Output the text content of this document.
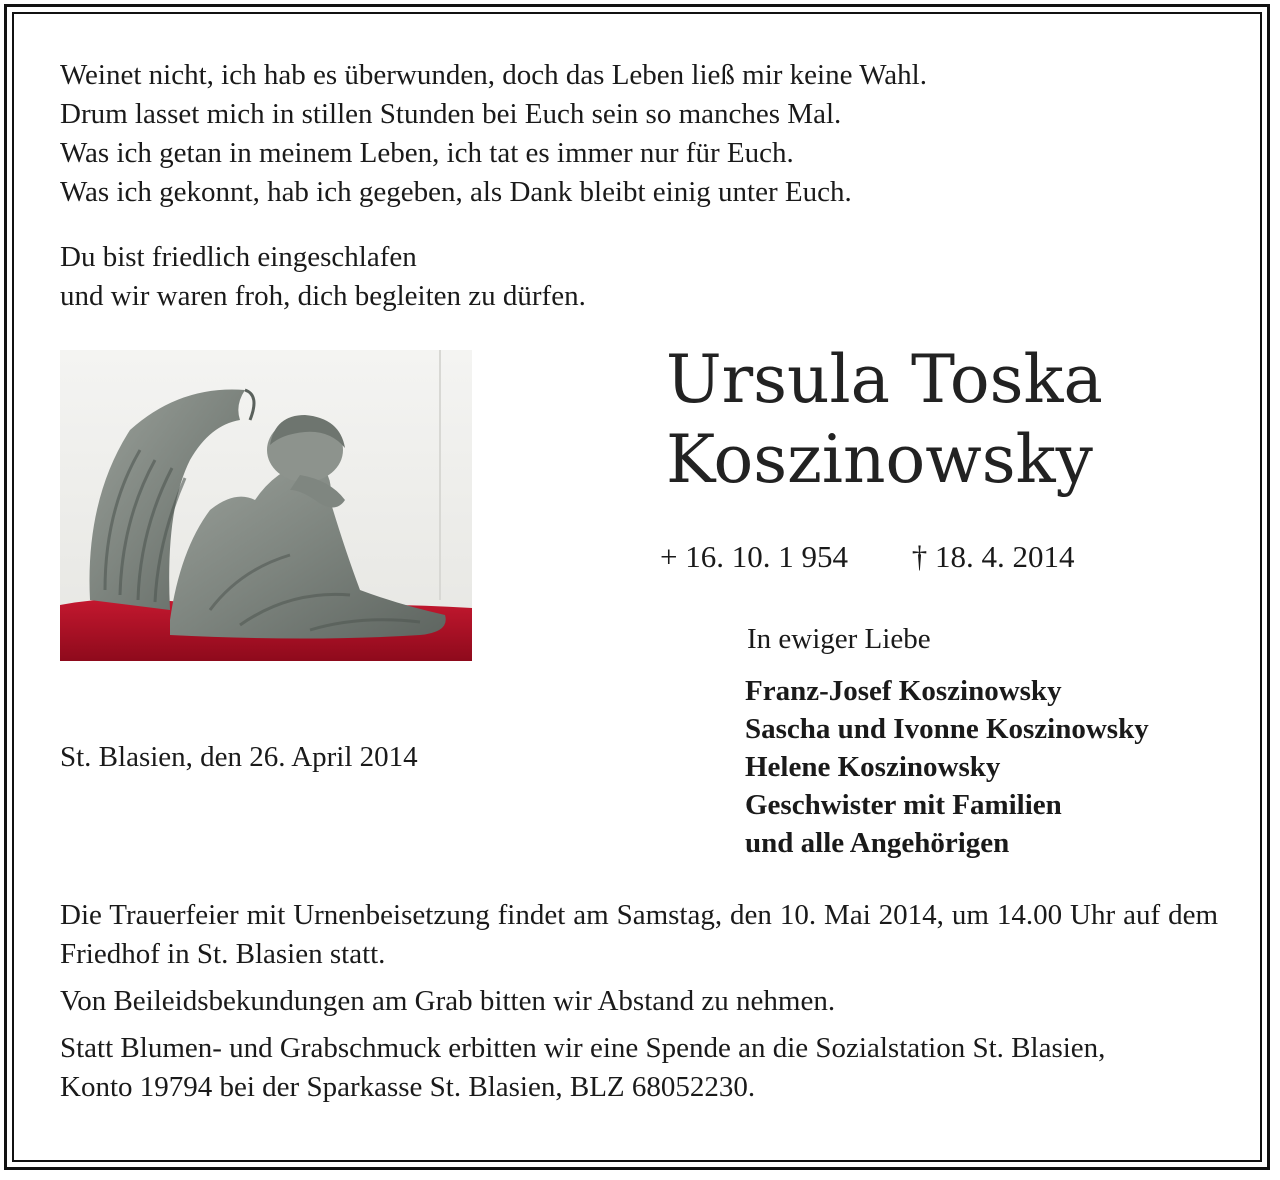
Weinet nicht, ich hab es überwunden, doch das Leben ließ mir keine Wahl.
Drum lasset mich in stillen Stunden bei Euch sein so manches Mal.
Was ich getan in meinem Leben, ich tat es immer nur für Euch.
Was ich gekonnt, hab ich gegeben, als Dank bleibt einig unter Euch.
Du bist friedlich eingeschlafen
und wir waren froh, dich begleiten zu dürfen.
Ursula Toska
Koszinowsky
+ 16. 10. 1 954 † 18. 4. 2014
St. Blasien, den 26. April 2014
In ewiger Liebe
Franz-Josef Koszinowsky
Sascha und Ivonne Koszinowsky
Helene Koszinowsky
Geschwister mit Familien
und alle Angehörigen

Die Trauerfeier mit Urnenbeisetzung findet am Samstag, den 10. Mai 2014, um 14.00 Uhr auf dem Friedhof in St. Blasien statt.

Von Beileidsbekundungen am Grab bitten wir Abstand zu nehmen.

Statt Blumen- und Grabschmuck erbitten wir eine Spende an die Sozialstation St. Blasien,
Konto 19794 bei der Sparkasse St. Blasien, BLZ 68052230.
